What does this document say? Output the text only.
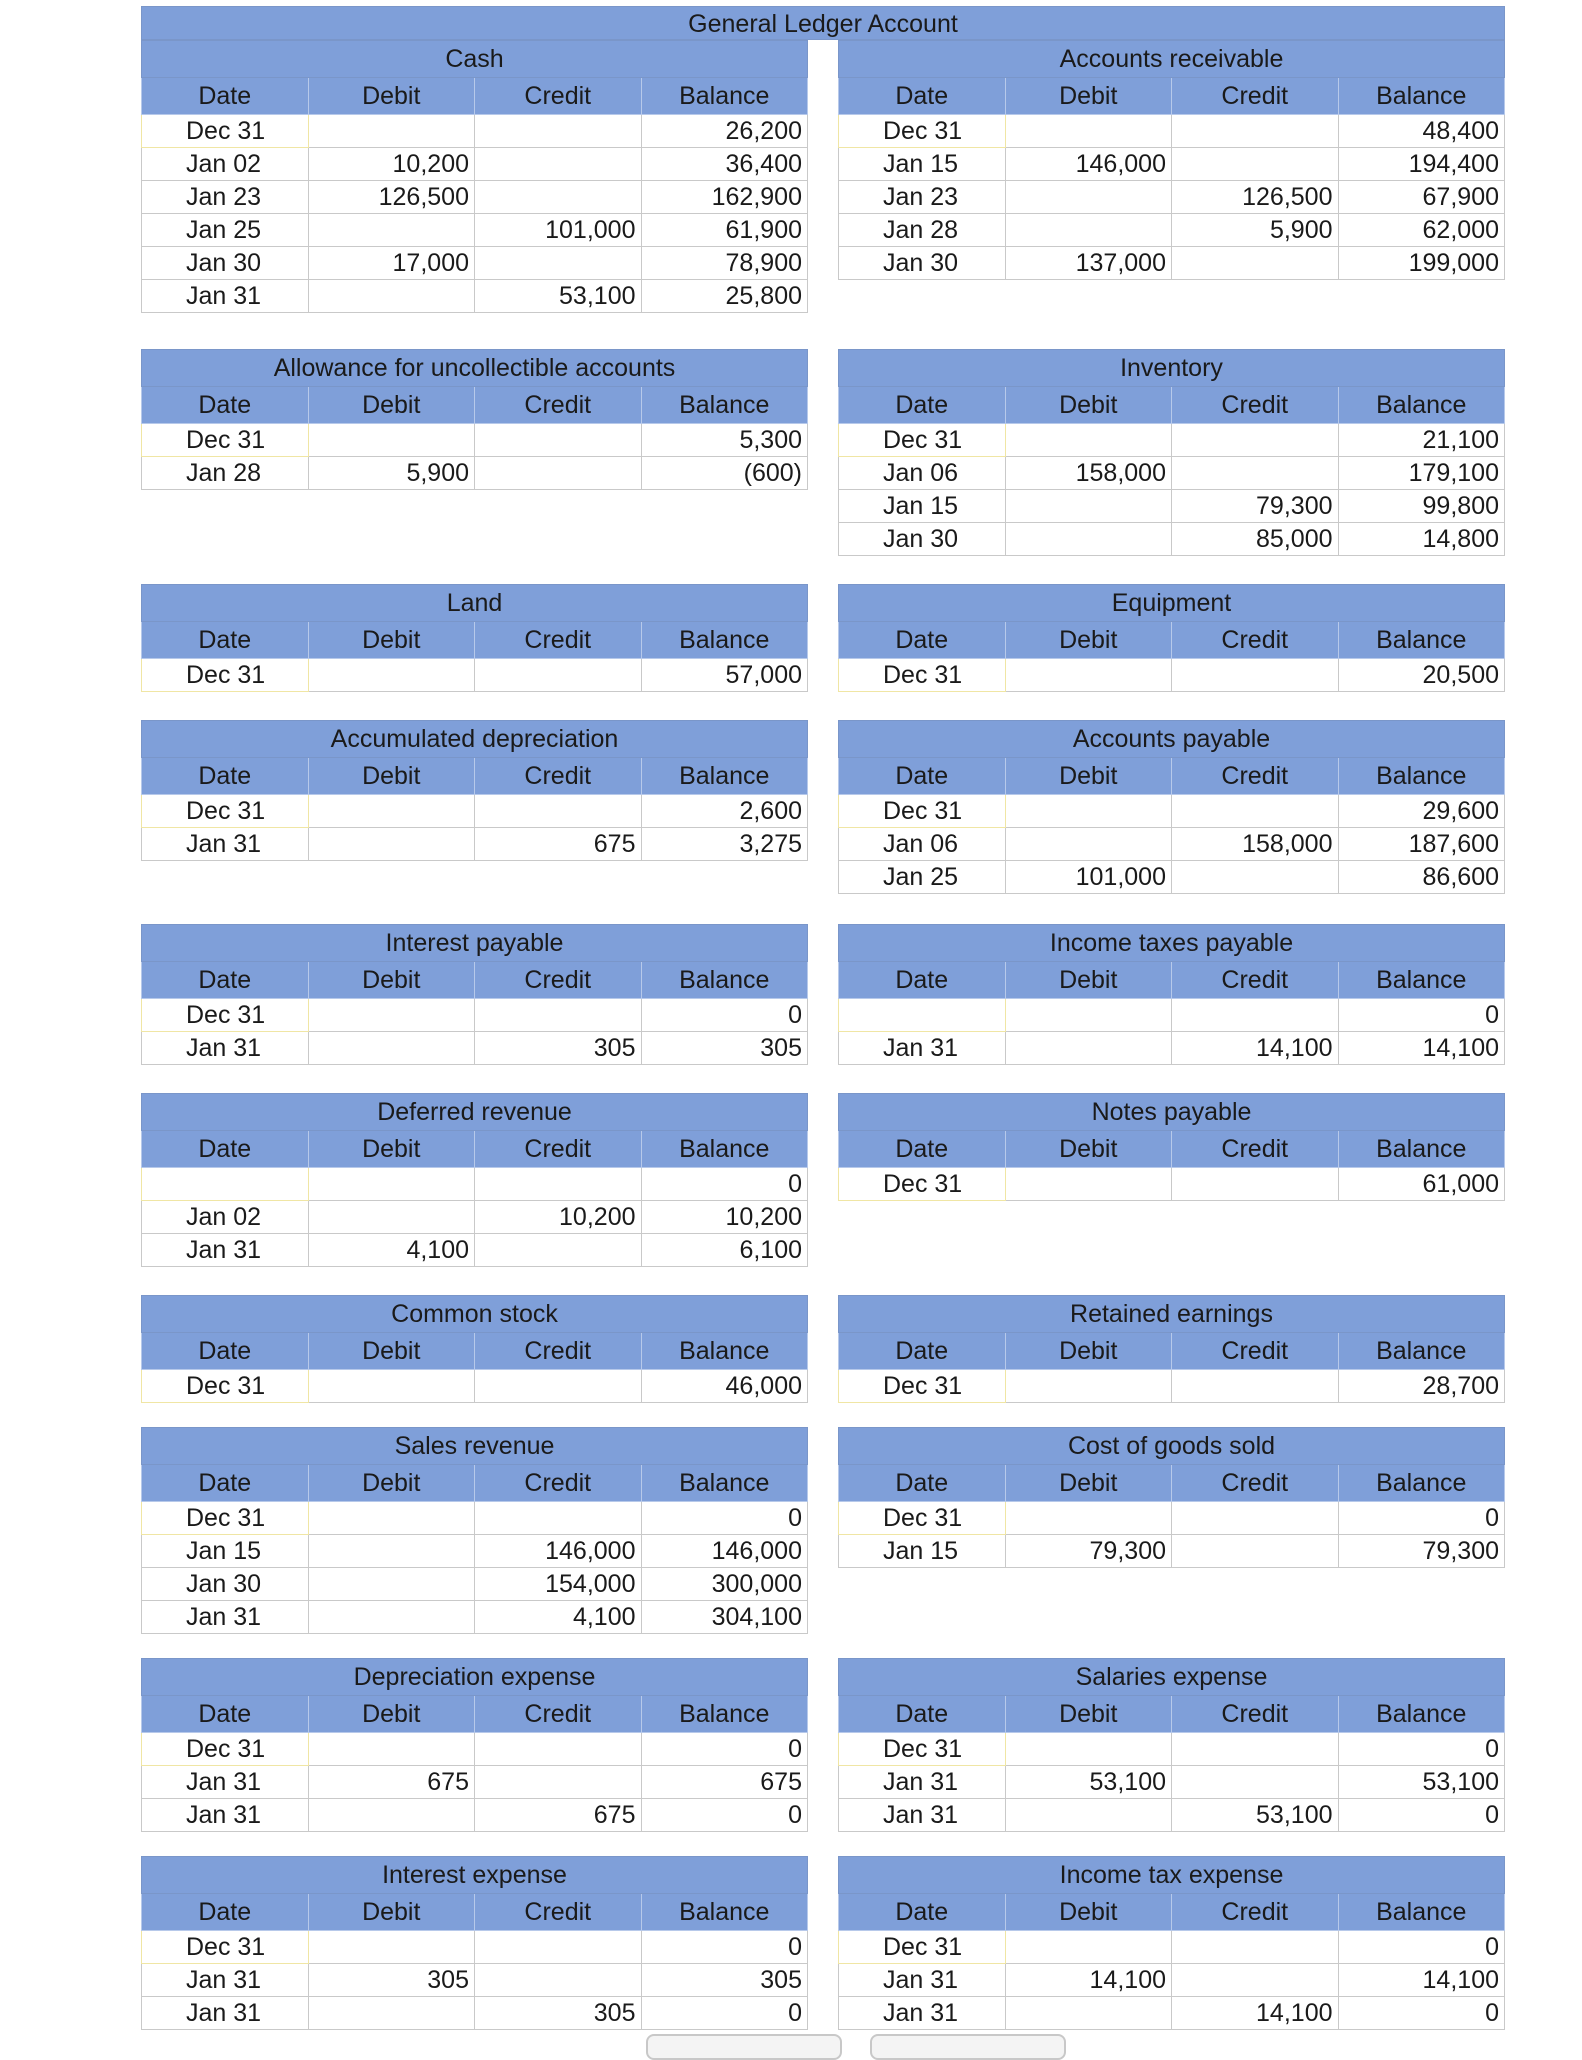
General Ledger Account
Cash			
Date	Debit	Credit	Balance
Dec 31			26,200
Jan 02	10,200		36,400
Jan 23	126,500		162,900
Jan 25		101,000	61,900
Jan 30	17,000		78,900
Jan 31		53,100	25,800
Accounts receivable			
Date	Debit	Credit	Balance
Dec 31			48,400
Jan 15	146,000		194,400
Jan 23		126,500	67,900
Jan 28		5,900	62,000
Jan 30	137,000		199,000
Allowance for uncollectible accounts			
Date	Debit	Credit	Balance
Dec 31			5,300
Jan 28	5,900		(600)
Inventory			
Date	Debit	Credit	Balance
Dec 31			21,100
Jan 06	158,000		179,100
Jan 15		79,300	99,800
Jan 30		85,000	14,800
Land			
Date	Debit	Credit	Balance
Dec 31			57,000
Equipment			
Date	Debit	Credit	Balance
Dec 31			20,500
Accumulated depreciation			
Date	Debit	Credit	Balance
Dec 31			2,600
Jan 31		675	3,275
Accounts payable			
Date	Debit	Credit	Balance
Dec 31			29,600
Jan 06		158,000	187,600
Jan 25	101,000		86,600
Interest payable			
Date	Debit	Credit	Balance
Dec 31			0
Jan 31		305	305
Income taxes payable			
Date	Debit	Credit	Balance
			0
Jan 31		14,100	14,100
Deferred revenue			
Date	Debit	Credit	Balance
			0
Jan 02		10,200	10,200
Jan 31	4,100		6,100
Notes payable			
Date	Debit	Credit	Balance
Dec 31			61,000
Common stock			
Date	Debit	Credit	Balance
Dec 31			46,000
Retained earnings			
Date	Debit	Credit	Balance
Dec 31			28,700
Sales revenue			
Date	Debit	Credit	Balance
Dec 31			0
Jan 15		146,000	146,000
Jan 30		154,000	300,000
Jan 31		4,100	304,100
Cost of goods sold			
Date	Debit	Credit	Balance
Dec 31			0
Jan 15	79,300		79,300
Depreciation expense			
Date	Debit	Credit	Balance
Dec 31			0
Jan 31	675		675
Jan 31		675	0
Salaries expense			
Date	Debit	Credit	Balance
Dec 31			0
Jan 31	53,100		53,100
Jan 31		53,100	0
Interest expense			
Date	Debit	Credit	Balance
Dec 31			0
Jan 31	305		305
Jan 31		305	0
Income tax expense			
Date	Debit	Credit	Balance
Dec 31			0
Jan 31	14,100		14,100
Jan 31		14,100	0
